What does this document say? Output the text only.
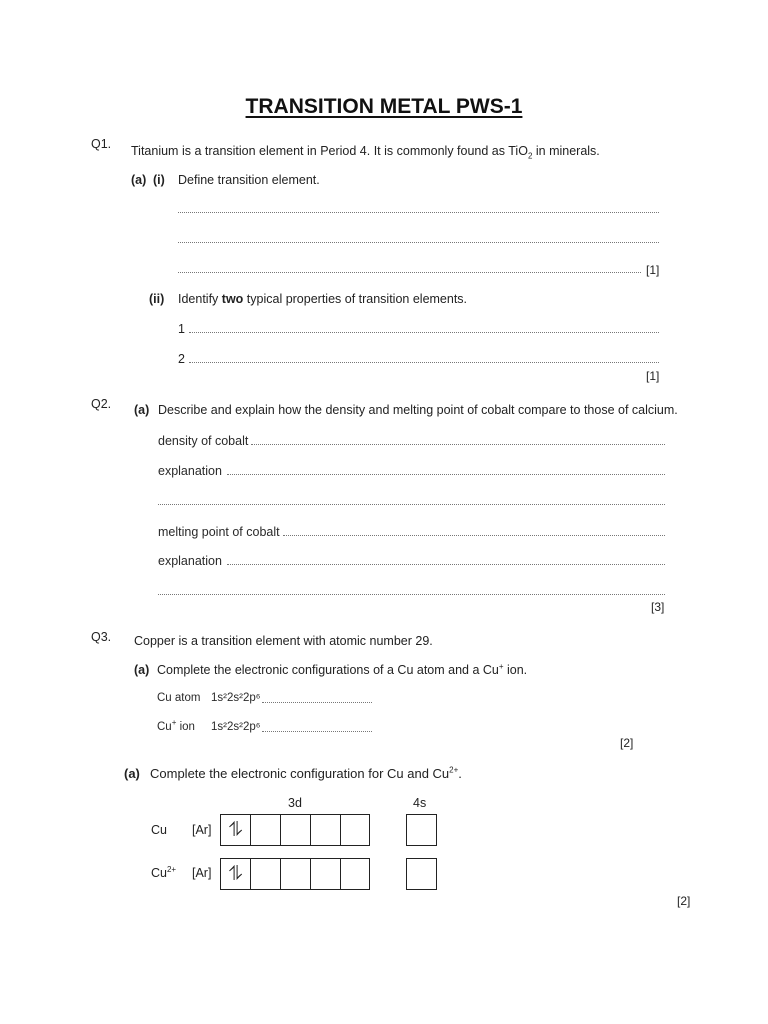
TRANSITION METAL PWS-1
Q1. Titanium is a transition element in Period 4. It is commonly found as TiO$_2$ in minerals.
(a) (i) Define transition element.
[1]
(ii) Identify two typical properties of transition elements.
1
2
[1]
Q2. (a) Describe and explain how the density and melting point of cobalt compare to those of calcium.
density of cobalt
explanation
melting point of cobalt
explanation
[3]
Q3. Copper is a transition element with atomic number 29.
(a) Complete the electronic configurations of a Cu atom and a Cu+ ion.
Cu atom 1s²2s²2p⁶
Cu+ ion 1s²2s²2p⁶
[2]
(a) Complete the electronic configuration for Cu and $Cu^{2+}$.
3d	4s
Cu [Ar] ⥮
$Cu^{2+}$ [Ar] ⥮
[2]
